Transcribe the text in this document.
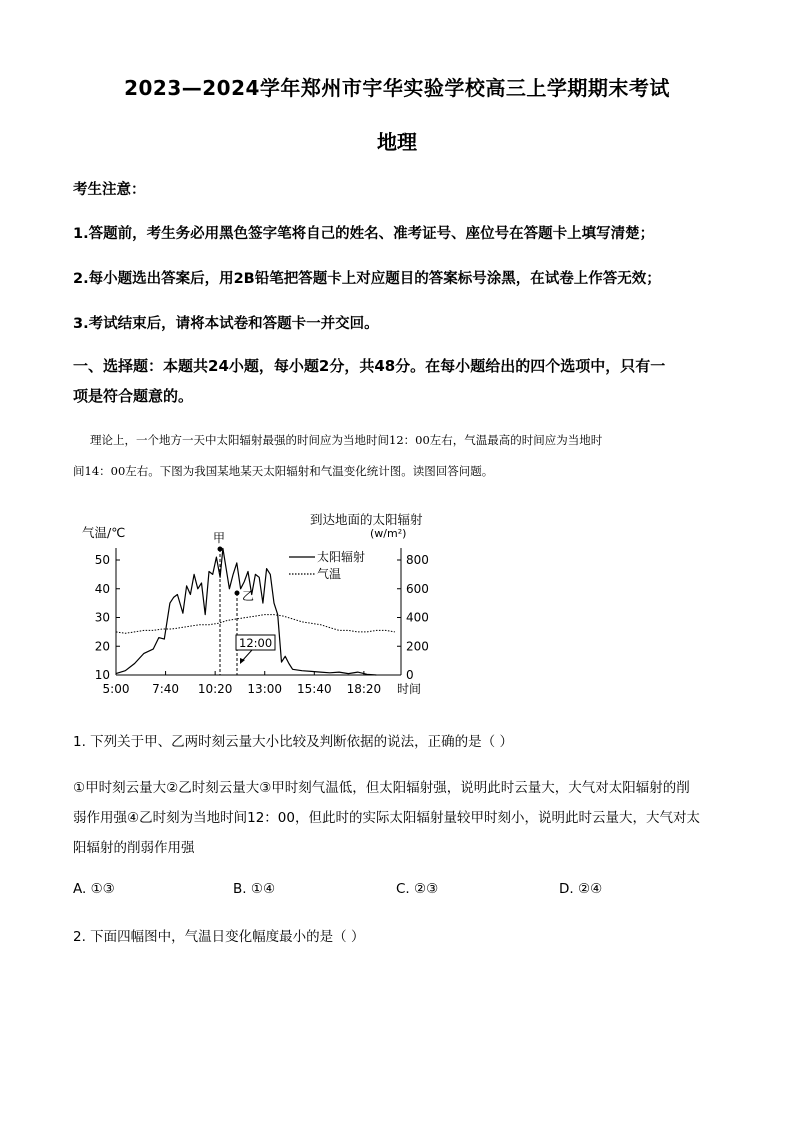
2023—2024学年郑州市宇华实验学校高三上学期期末考试
地理
考生注意：
1.答题前，考生务必用黑色签字笔将自己的姓名、准考证号、座位号在答题卡上填写清楚；
2.每小题选出答案后，用2B铅笔把答题卡上对应题目的答案标号涂黑，在试卷上作答无效；
3.考试结束后，请将本试卷和答题卡一并交回。
一、选择题：本题共24小题，每小题2分，共48分。在每小题给出的四个选项中，只有一
项是符合题意的。
理论上，一个地方一天中太阳辐射最强的时间应为当地时间12：00左右，气温最高的时间应为当地时
间14：00左右。下图为我国某地某天太阳辐射和气温变化统计图。读图回答问题。
气温/℃
到达地面的太阳辐射
(w/m²)
10
20
30
40
50
0
200
400
600
800
5:00 7:40 10:20 13:00 15:40 18:20
太阳辐射
气温
甲
乙
12:00
时间
1. 下列关于甲、乙两时刻云量大小比较及判断依据的说法，正确的是（ ）
①甲时刻云量大②乙时刻云量大③甲时刻气温低，但太阳辐射强，说明此时云量大，大气对太阳辐射的削
弱作用强④乙时刻为当地时间12：00，但此时的实际太阳辐射量较甲时刻小，说明此时云量大，大气对太
阳辐射的削弱作用强
A. ①③	B. ①④	C. ②③	D. ②④
2. 下面四幅图中，气温日变化幅度最小的是（ ）
